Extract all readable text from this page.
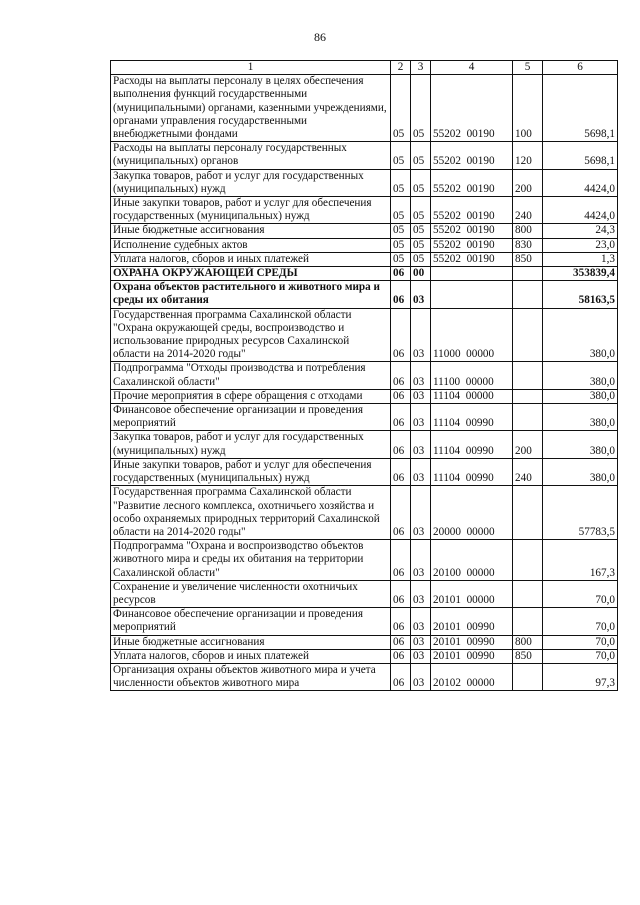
86
1	2	3	4	5	6
Расходы на выплаты персоналу в целях обеспечения выполнения функций государственными (муниципальными) органами, казенными учреждениями, органами управления государственными внебюджетными фондами	05	05	55202  00190	100	5698,1
Расходы на выплаты персоналу государственных (муниципальных) органов	05	05	55202  00190	120	5698,1
Закупка товаров, работ и услуг для государственных (муниципальных) нужд	05	05	55202  00190	200	4424,0
Иные закупки товаров, работ и услуг для обеспечения государственных (муниципальных) нужд	05	05	55202  00190	240	4424,0
Иные бюджетные ассигнования	05	05	55202  00190	800	24,3
Исполнение судебных актов	05	05	55202  00190	830	23,0
Уплата налогов, сборов и иных платежей	05	05	55202  00190	850	1,3
ОХРАНА ОКРУЖАЮЩЕЙ СРЕДЫ	06	00			353839,4
Охрана объектов растительного и животного мира и среды их обитания	06	03			58163,5
Государственная программа Сахалинской области "Охрана окружающей среды, воспроизводство и использование природных ресурсов Сахалинской области на 2014-2020 годы"	06	03	11000  00000		380,0
Подпрограмма "Отходы производства и потребления Сахалинской области"	06	03	11100  00000		380,0
Прочие мероприятия в сфере обращения с отходами	06	03	11104  00000		380,0
Финансовое обеспечение организации и проведения мероприятий	06	03	11104  00990		380,0
Закупка товаров, работ и услуг для государственных (муниципальных) нужд	06	03	11104  00990	200	380,0
Иные закупки товаров, работ и услуг для обеспечения государственных (муниципальных) нужд	06	03	11104  00990	240	380,0
Государственная программа Сахалинской области "Развитие лесного комплекса, охотничьего хозяйства и особо охраняемых природных территорий Сахалинской области на 2014-2020 годы"	06	03	20000  00000		57783,5
Подпрограмма "Охрана и воспроизводство объектов животного мира и среды их обитания на территории Сахалинской области"	06	03	20100  00000		167,3
Сохранение и увеличение численности охотничьих ресурсов	06	03	20101  00000		70,0
Финансовое обеспечение организации и проведения мероприятий	06	03	20101  00990		70,0
Иные бюджетные ассигнования	06	03	20101  00990	800	70,0
Уплата налогов, сборов и иных платежей	06	03	20101  00990	850	70,0
Организация охраны объектов животного мира и учета численности объектов животного мира	06	03	20102  00000		97,3
